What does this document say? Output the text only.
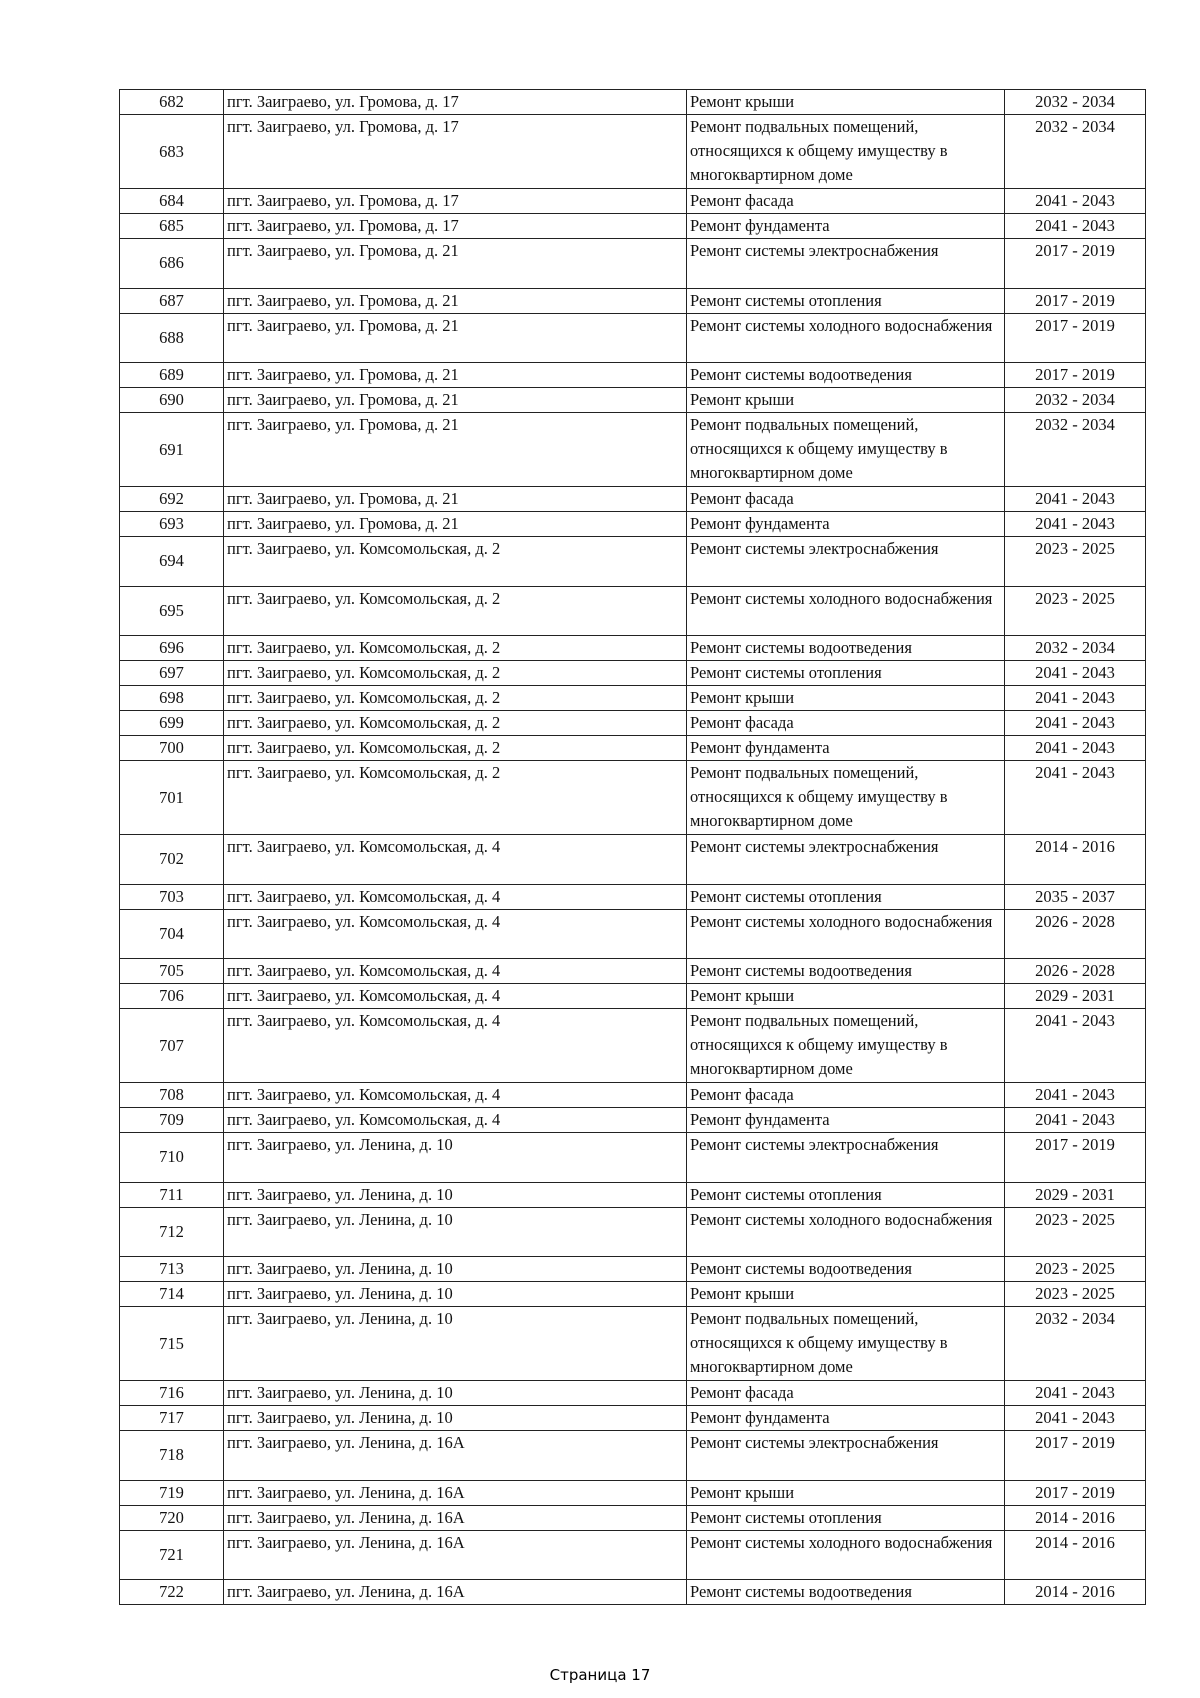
682	пгт. Заиграево, ул. Громова, д. 17	Ремонт крыши	2032 - 2034
683	пгт. Заиграево, ул. Громова, д. 17	Ремонт подвальных помещений, относящихся к общему имуществу в многоквартирном доме	2032 - 2034
684	пгт. Заиграево, ул. Громова, д. 17	Ремонт фасада	2041 - 2043
685	пгт. Заиграево, ул. Громова, д. 17	Ремонт фундамента	2041 - 2043
686	пгт. Заиграево, ул. Громова, д. 21	Ремонт системы электроснабжения	2017 - 2019
687	пгт. Заиграево, ул. Громова, д. 21	Ремонт системы отопления	2017 - 2019
688	пгт. Заиграево, ул. Громова, д. 21	Ремонт системы холодного водоснабжения	2017 - 2019
689	пгт. Заиграево, ул. Громова, д. 21	Ремонт системы водоотведения	2017 - 2019
690	пгт. Заиграево, ул. Громова, д. 21	Ремонт крыши	2032 - 2034
691	пгт. Заиграево, ул. Громова, д. 21	Ремонт подвальных помещений, относящихся к общему имуществу в многоквартирном доме	2032 - 2034
692	пгт. Заиграево, ул. Громова, д. 21	Ремонт фасада	2041 - 2043
693	пгт. Заиграево, ул. Громова, д. 21	Ремонт фундамента	2041 - 2043
694	пгт. Заиграево, ул. Комсомольская, д. 2	Ремонт системы электроснабжения	2023 - 2025
695	пгт. Заиграево, ул. Комсомольская, д. 2	Ремонт системы холодного водоснабжения	2023 - 2025
696	пгт. Заиграево, ул. Комсомольская, д. 2	Ремонт системы водоотведения	2032 - 2034
697	пгт. Заиграево, ул. Комсомольская, д. 2	Ремонт системы отопления	2041 - 2043
698	пгт. Заиграево, ул. Комсомольская, д. 2	Ремонт крыши	2041 - 2043
699	пгт. Заиграево, ул. Комсомольская, д. 2	Ремонт фасада	2041 - 2043
700	пгт. Заиграево, ул. Комсомольская, д. 2	Ремонт фундамента	2041 - 2043
701	пгт. Заиграево, ул. Комсомольская, д. 2	Ремонт подвальных помещений, относящихся к общему имуществу в многоквартирном доме	2041 - 2043
702	пгт. Заиграево, ул. Комсомольская, д. 4	Ремонт системы электроснабжения	2014 - 2016
703	пгт. Заиграево, ул. Комсомольская, д. 4	Ремонт системы отопления	2035 - 2037
704	пгт. Заиграево, ул. Комсомольская, д. 4	Ремонт системы холодного водоснабжения	2026 - 2028
705	пгт. Заиграево, ул. Комсомольская, д. 4	Ремонт системы водоотведения	2026 - 2028
706	пгт. Заиграево, ул. Комсомольская, д. 4	Ремонт крыши	2029 - 2031
707	пгт. Заиграево, ул. Комсомольская, д. 4	Ремонт подвальных помещений, относящихся к общему имуществу в многоквартирном доме	2041 - 2043
708	пгт. Заиграево, ул. Комсомольская, д. 4	Ремонт фасада	2041 - 2043
709	пгт. Заиграево, ул. Комсомольская, д. 4	Ремонт фундамента	2041 - 2043
710	пгт. Заиграево, ул. Ленина, д. 10	Ремонт системы электроснабжения	2017 - 2019
711	пгт. Заиграево, ул. Ленина, д. 10	Ремонт системы отопления	2029 - 2031
712	пгт. Заиграево, ул. Ленина, д. 10	Ремонт системы холодного водоснабжения	2023 - 2025
713	пгт. Заиграево, ул. Ленина, д. 10	Ремонт системы водоотведения	2023 - 2025
714	пгт. Заиграево, ул. Ленина, д. 10	Ремонт крыши	2023 - 2025
715	пгт. Заиграево, ул. Ленина, д. 10	Ремонт подвальных помещений, относящихся к общему имуществу в многоквартирном доме	2032 - 2034
716	пгт. Заиграево, ул. Ленина, д. 10	Ремонт фасада	2041 - 2043
717	пгт. Заиграево, ул. Ленина, д. 10	Ремонт фундамента	2041 - 2043
718	пгт. Заиграево, ул. Ленина, д. 16А	Ремонт системы электроснабжения	2017 - 2019
719	пгт. Заиграево, ул. Ленина, д. 16А	Ремонт крыши	2017 - 2019
720	пгт. Заиграево, ул. Ленина, д. 16А	Ремонт системы отопления	2014 - 2016
721	пгт. Заиграево, ул. Ленина, д. 16А	Ремонт системы холодного водоснабжения	2014 - 2016
722	пгт. Заиграево, ул. Ленина, д. 16А	Ремонт системы водоотведения	2014 - 2016
Страница 17
